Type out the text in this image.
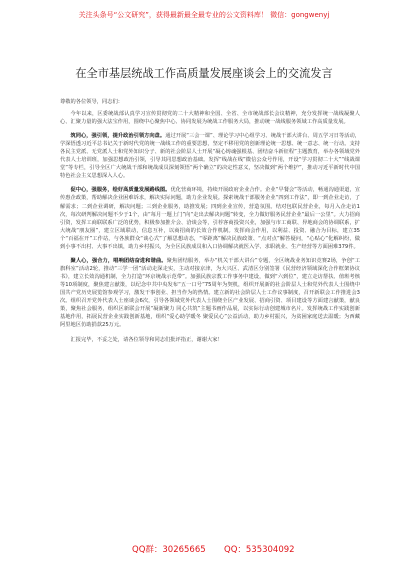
关注头条号“公文研究”，获得最新最全最专业的公文资料库！ 微信：gongwenyj
在全市基层统战工作高质量发展座谈会上的交流发言

尊敬的各位领导，同志们：

今年以来，区委统战部认真学习宣传贯彻党的二十大精神和全国、全省、全市统战部长会议精神，充分发挥统一战线凝聚人心、汇聚力量的强大法宝作用，围绕中心聚焦中心、协同发展为统战工作服务大局，推动统一战线服务领域工作高质量发展。

筑同心，强引领，提升政治引领方向盘。通过开展“三会一课”、理论学习中心组学习、统战干部大讲台、周五学习日等活动，学深悟透习近平总书记关于新时代党的统一战线工作的重要思想，坚定不移用党的创新理论统一思想、统一意志、统一行动。支持各民主党派、无党派人士和党外知识分子、新的社会阶层人士开展“凝心铸魂强根基、团结奋斗新征程”主题教育，举办各领域党外代表人士培训班，加强思想政治引领，引导其同思想政治基础。发挥“线战在线”微信公众号作用，开设“学习贯彻二十大”“线战课堂”等专栏，引导全区广大统战干部和统战成员深刻领悟“两个确立”的决定性意义，坚决做到“两个维护”，推动习近平新时代中国特色社会主义思想深入人心。

促中心，强服务，绘好高质量发展路线图。优化营商环境，持续开展政府企业合作。企业“早餐会”等活动，畅通沟通渠道，宣传惠企政策，帮助解决企业困难诉求，解决实际问题，助力企业发展。探索统战干部服务企业“四到工作法”，即一到企业走访，了解需求；二到企业调研，解决问题；三到企业服务，助推发展；四到企业宣传，营造氛围。结对包联民营企业，每月入企走访1次，每次研判解决问题不少于1个，由“每月一题上门”向“走出去解决问题”转变，全力做好服务民营企业“最后一公里”。大力招商引资，发挥工商联联系广泛的优势，积极参加推介会、洽谈会等，引荐客商投资兴业，加强与市工商联、异地商会的协调联系，扩大统战“朋友圈”，建立区域联动，信息互补，以商招商的长效合作机制。发挥商会作用，以利益、投资、融合为目标，建立35个“百福在开”工作站，与各族群众“谈心式”了解思想动态，“零距离”解决民族政策、“点对点”解答疑问，“心贴心”化解纠纷，做到小事不出村、大事不出镇，助力乡村振兴，为全区民族成员和入口协调解决就医入学、求职就业、生产经营等方面困难379件。

聚人心，强合力，唱响团结奋进和谐曲。聚焦团结服务，举办“机关干部大讲台”专题，全区统战业务知识竞赛2场，争创“工旗科室”活动2轮，推动“三学一团”活动走深走实，主动对接京津，为大兴区、武清区分别签署《民营经济领域深化合作框架协议书》，建立长效沟通机制，全力打造“环京统战示范带”。加强民族宗教工作事务中建设，做到“六到位”，建立走访帮扶、值班考核等10项制度，聚焦建言献策，以纪念中共中央发布“五一口号”75周年为契机，组织开展新的社会阶层人士和党外代表人士围绕中国共产党历史展览馆参观学习，激发干事创业、担当作为的热情。建立新的社会阶层人士工作议事制度，召开新联会工作推进会3次。组织召开党外代表人士座谈会6次，引导各领域党外代表人士围绕全区产业发展、招商引资、项目建设等方面建言献策，献良策，聚焦社会服务，组织区新联会开展“凝新聚力 同心共筑”主题书画作品展，以实际行动创建城市名片。发挥统战工作实践创新基地作用，拓展民营企业实践创新基地，组织“爱心助学暖冬 聚爱民心”公益活动，助力乡村振兴，为贫困家庭送去温暖；为西藏阿里地区仿助捐款25万元。

汇报完毕，不妥之处，请各位领导和同志们批评指正，谢谢大家！

QQ群：30265665 QQ：535304092
